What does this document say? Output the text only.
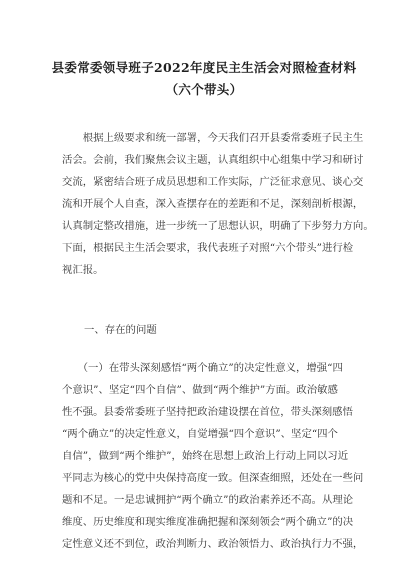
县委常委领导班子2022年度民主生活会对照检查材料
（六个带头）
　　根据上级要求和统一部署，今天我们召开县委常委班子民主生
活会。会前，我们聚焦会议主题，认真组织中心组集中学习和研讨
交流，紧密结合班子成员思想和工作实际，广泛征求意见、谈心交
流和开展个人自查，深入查摆存在的差距和不足，深刻剖析根源，
认真制定整改措施，进一步统一了思想认识，明确了下步努力方向。
下面，根据民主生活会要求，我代表班子对照“六个带头”进行检
视汇报。
一、存在的问题
　　（一）在带头深刻感悟“两个确立”的决定性意义，增强“四
个意识”、坚定“四个自信”、做到“两个维护”方面。政治敏感
性不强。县委常委班子坚持把政治建设摆在首位，带头深刻感悟
“两个确立”的决定性意义，自觉增强“四个意识”、坚定“四个
自信”，做到“两个维护”，始终在思想上政治上行动上同以习近
平同志为核心的党中央保持高度一致。但深查细照，还处在一些问
题和不足。一是忠诚拥护“两个确立”的政治素养还不高。从理论
维度、历史维度和现实维度准确把握和深刻领会“两个确立”的决
定性意义还不到位，政治判断力、政治领悟力、政治执行力不强，
